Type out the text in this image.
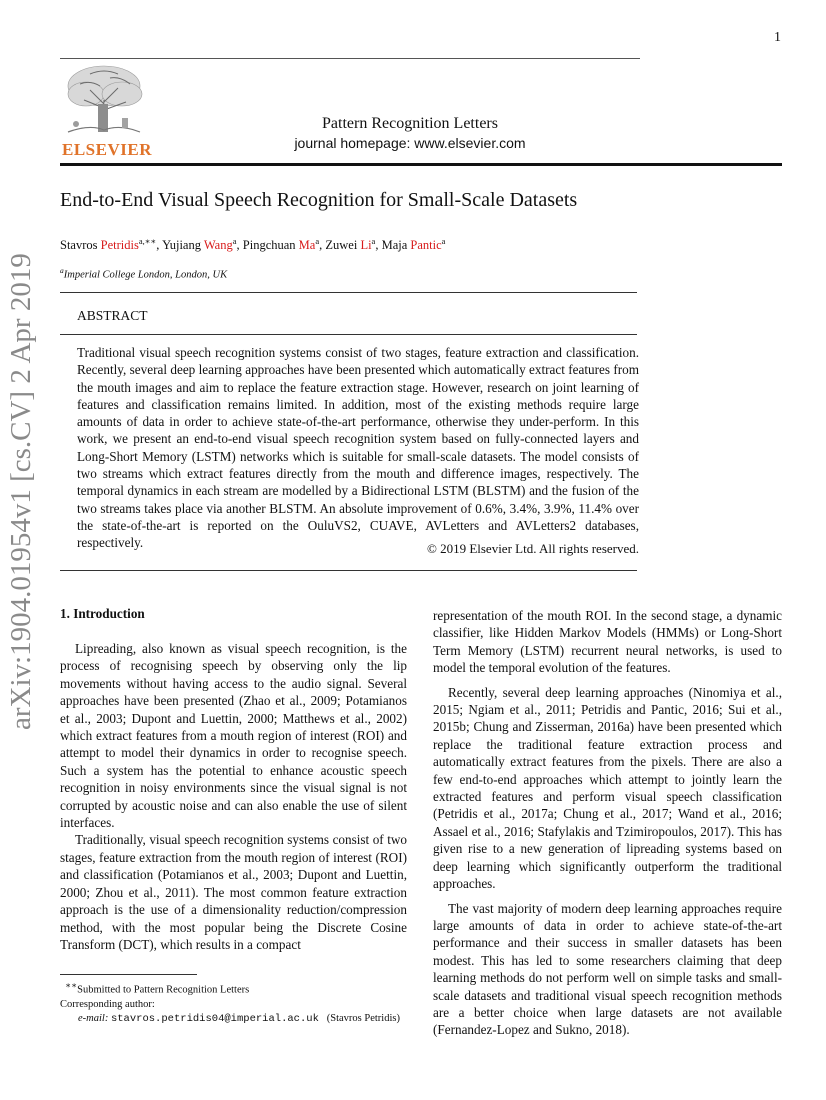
1
ELSEVIER
Pattern Recognition Letters
journal homepage: www.elsevier.com
End-to-End Visual Speech Recognition for Small-Scale Datasets
Stavros Petridis$^{a,∗∗}$, Yujiang Wang$^a$, Pingchuan Ma$^a$, Zuwei Li$^a$, Maja Pantic$^a$
$^a$Imperial College London, London, UK
ABSTRACT
Traditional visual speech recognition systems consist of two stages, feature extraction and classification. Recently, several deep learning approaches have been presented which automatically extract features from the mouth images and aim to replace the feature extraction stage. However, research on joint learning of features and classification remains limited. In addition, most of the existing methods require large amounts of data in order to achieve state-of-the-art performance, otherwise they under-perform. In this work, we present an end-to-end visual speech recognition system based on fully-connected layers and Long-Short Memory (LSTM) networks which is suitable for small-scale datasets. The model consists of two streams which extract features directly from the mouth and difference images, respectively. The temporal dynamics in each stream are modelled by a Bidirectional LSTM (BLSTM) and the fusion of the two streams takes place via another BLSTM. An absolute improvement of 0.6%, 3.4%, 3.9%, 11.4% over the state-of-the-art is reported on the OuluVS2, CUAVE, AVLetters and AVLetters2 databases, respectively.	© 2019 Elsevier Ltd. All rights reserved.
1. Introduction

Lipreading, also known as visual speech recognition, is the process of recognising speech by observing only the lip movements without having access to the audio signal. Several approaches have been presented (Zhao et al., 2009; Potamianos et al., 2003; Dupont and Luettin, 2000; Matthews et al., 2002) which extract features from a mouth region of interest (ROI) and attempt to model their dynamics in order to recognise speech. Such a system has the potential to enhance acoustic speech recognition in noisy environments since the visual signal is not corrupted by acoustic noise and can also enable the use of silent interfaces.

Traditionally, visual speech recognition systems consist of two stages, feature extraction from the mouth region of interest (ROI) and classification (Potamianos et al., 2003; Dupont and Luettin, 2000; Zhou et al., 2011). The most common feature extraction approach is the use of a dimensionality reduction/compression method, with the most popular being the Discrete Cosine Transform (DCT), which results in a compact

representation of the mouth ROI. In the second stage, a dynamic classifier, like Hidden Markov Models (HMMs) or Long-Short Term Memory (LSTM) recurrent neural networks, is used to model the temporal evolution of the features.

Recently, several deep learning approaches (Ninomiya et al., 2015; Ngiam et al., 2011; Petridis and Pantic, 2016; Sui et al., 2015b; Chung and Zisserman, 2016a) have been presented which replace the traditional feature extraction process and automatically extract features from the pixels. There are also a few end-to-end approaches which attempt to jointly learn the extracted features and perform visual speech classification (Petridis et al., 2017a; Chung et al., 2017; Wand et al., 2016; Assael et al., 2016; Stafylakis and Tzimiropoulos, 2017). This has given rise to a new generation of lipreading systems based on deep learning which significantly outperform the traditional approaches.

The vast majority of modern deep learning approaches require large amounts of data in order to achieve state-of-the-art performance and their success in smaller datasets has been modest. This has led to some researchers claiming that deep learning methods do not perform well on simple tasks and small-scale datasets and traditional visual speech recognition methods are a better choice when large datasets are not available (Fernandez-Lopez and Sukno, 2018).

∗∗Submitted to Pattern Recognition Letters
Corresponding author:
e-mail: stavros.petridis04@imperial.ac.uk (Stavros Petridis)
arXiv:1904.01954v1 [cs.CV] 2 Apr 2019
